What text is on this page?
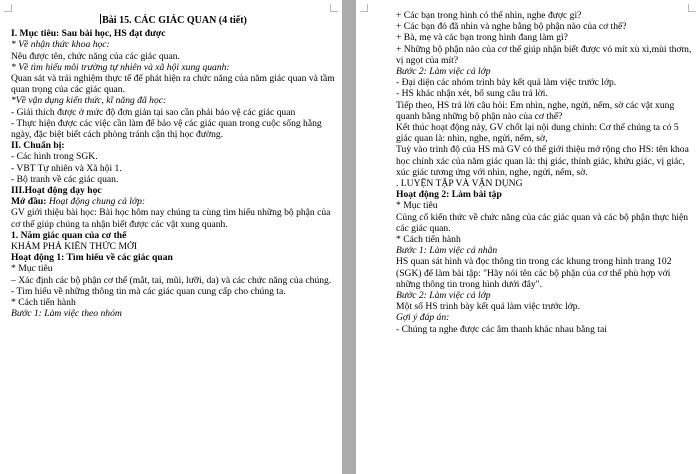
Bài 15. CÁC GIÁC QUAN (4 tiết)
I. Mục tiêu: Sau bài học, HS đạt được
* Về nhận thức khoa học:
Nêu được tên, chức năng của các giác quan.
* Về tìm hiểu môi trường tự nhiên và xã hội xung quanh:
Quan sát và trải nghiệm thực tế để phát hiện ra chức năng của năm giác quan và tầm quan trọng của các giác quan.
*Về vận dụng kiến thức, kĩ năng đã học:
- Giải thích được ở mức độ đơn giản tại sao cần phải bảo vệ các giác quan
- Thực hiện được các việc cần làm để bảo vệ các giác quan trong cuộc sống hằng ngày, đặc biệt biết cách phòng tránh cận thị học đường.
II. Chuẩn bị:
- Các hình trong SGK.
- VBT Tự nhiên và Xã hội 1.
- Bộ tranh về các giác quan.
III.Hoạt động dạy học
Mở đầu: Hoạt động chung cả lớp:
GV giới thiệu bài học: Bài học hôm nay chúng ta cùng tìm hiểu những bộ phận của cơ thể giúp chúng ta nhận biết được các vật xung quanh.
1. Năm giác quan của cơ thể
KHÁM PHÁ KIẾN THỨC MỚI
Hoạt động 1: Tìm hiểu về các giác quan
* Mục tiêu
– Xác định các bộ phận cơ thể (mắt, tai, mũi, lưỡi, da) và các chức năng của chúng.
- Tìm hiểu về những thông tin mà các giác quan cung cấp cho chúng ta.
* Cách tiến hành
Bước 1: Làm việc theo nhóm
+ Các bạn trong hình có thể nhìn, nghe được gì?
+ Các bạn đó đã nhìn và nghe bằng bộ phận nào của cơ thể?
+ Bà, mẹ và các bạn trong hình đang làm gì?
+ Những bộ phận nào của cơ thể giúp nhận biết được vỏ mít xù xì,mùi thơm, vị ngọt của mít?
Bước 2: Làm việc cả lớp
- Đại diện các nhóm trình bày kết quả làm việc trước lớp.
- HS khác nhận xét, bổ sung câu trả lời.
Tiếp theo, HS trả lời câu hỏi: Em nhìn, nghe, ngửi, nếm, sờ các vật xung quanh bằng những bộ phận nào của cơ thể?
Kết thúc hoạt động này, GV chốt lại nội dung chính: Cơ thể chúng ta có 5 giác quan là: nhìn, nghe, ngửi, nếm, sờ,
Tuỳ vào trình độ của HS mà GV có thể giới thiệu mở rộng cho HS: tên khoa học chính xác của năm giác quan là: thị giác, thính giác, khứu giác, vị giác, xúc giác tương ứng với nhìn, nghe, ngửi, nếm, sờ.
. LUYỆN TẬP VÀ VẬN DỤNG
Hoạt động 2: Làm bài tập
* Mục tiêu
Củng cố kiến thức về chức năng của các giác quan và các bộ phận thực hiện các giác quan.
* Cách tiến hành
Bước 1: Làm việc cá nhân
HS quan sát hình và đọc thông tin trong các khung trong hình trang 102 (SGK) để làm bài tập: "Hãy nói tên các bộ phận của cơ thể phù hợp với những thông tin trong hình dưới đây".
Bước 2: Làm việc cả lớp
Một số HS trình bày kết quả làm việc trước lớp.
Gợi ý đáp án:
- Chúng ta nghe được các âm thanh khác nhau bằng tai
